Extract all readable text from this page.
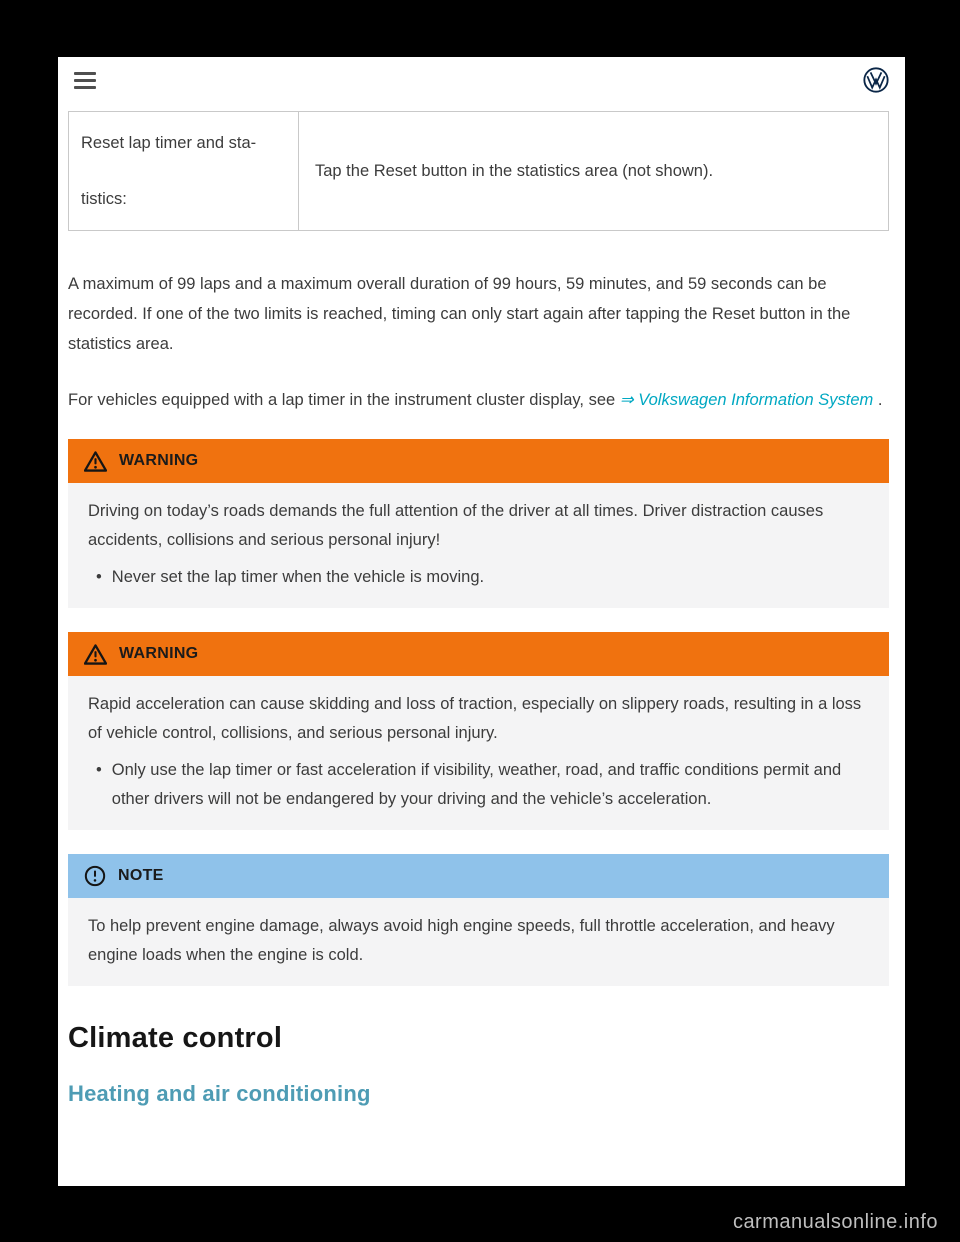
Reset lap timer and sta-
tistics:
	Tap the Reset button in the statistics area (not shown).

A maximum of 99 laps and a maximum overall duration of 99 hours, 59 minutes, and 59 seconds can be recorded. If one of the two limits is reached, timing can only start again after tapping the Reset button in the statistics area.

For vehicles equipped with a lap timer in the instrument cluster display, see ⇒ Volkswagen Information System .

WARNING

Driving on today’s roads demands the full attention of the driver at all times. Driver distraction causes accidents, collisions and serious personal injury!

• Never set the lap timer when the vehicle is moving.
WARNING

Rapid acceleration can cause skidding and loss of traction, especially on slippery roads, resulting in a loss of vehicle control, collisions, and serious personal injury.

• Only use the lap timer or fast acceleration if visibility, weather, road, and traffic conditions permit and other drivers will not be endangered by your driving and the vehicle’s acceleration.
NOTE

To help prevent engine damage, always avoid high engine speeds, full throttle acceleration, and heavy engine loads when the engine is cold.

Climate control
Heating and air conditioning
carmanualsonline.info
